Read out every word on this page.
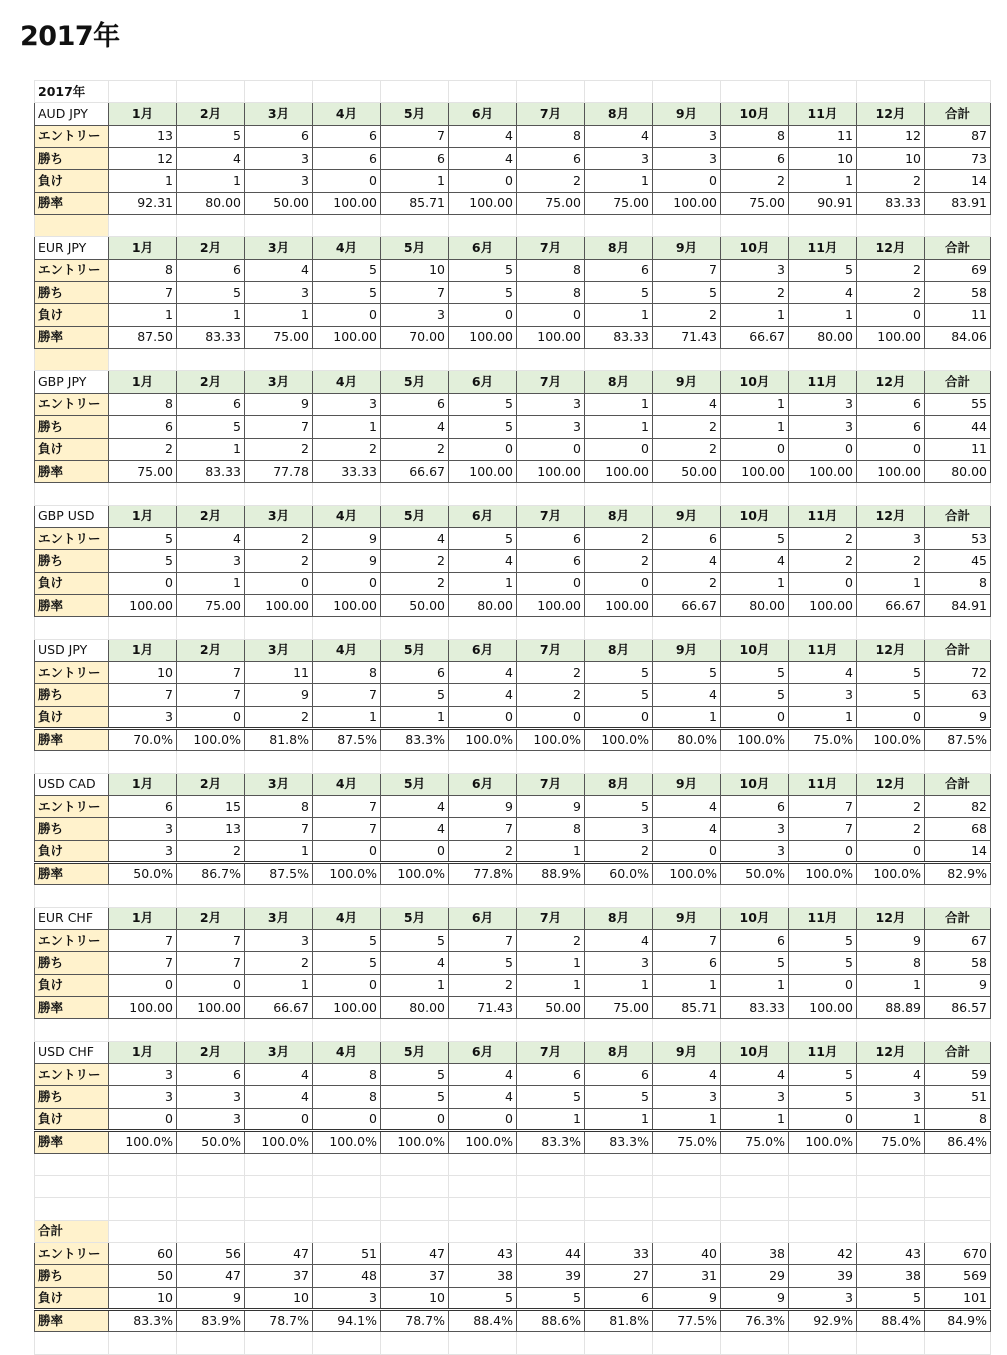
2017年
2017年													
AUD JPY	1月	2月	3月	4月	5月	6月	7月	8月	9月	10月	11月	12月	合計
エントリー	13	5	6	6	7	4	8	4	3	8	11	12	87
勝ち	12	4	3	6	6	4	6	3	3	6	10	10	73
負け	1	1	3	0	1	0	2	1	0	2	1	2	14
勝率	92.31	80.00	50.00	100.00	85.71	100.00	75.00	75.00	100.00	75.00	90.91	83.33	83.91

EUR JPY	1月	2月	3月	4月	5月	6月	7月	8月	9月	10月	11月	12月	合計
エントリー	8	6	4	5	10	5	8	6	7	3	5	2	69
勝ち	7	5	3	5	7	5	8	5	5	2	4	2	58
負け	1	1	1	0	3	0	0	1	2	1	1	0	11
勝率	87.50	83.33	75.00	100.00	70.00	100.00	100.00	83.33	71.43	66.67	80.00	100.00	84.06

GBP JPY	1月	2月	3月	4月	5月	6月	7月	8月	9月	10月	11月	12月	合計
エントリー	8	6	9	3	6	5	3	1	4	1	3	6	55
勝ち	6	5	7	1	4	5	3	1	2	1	3	6	44
負け	2	1	2	2	2	0	0	0	2	0	0	0	11
勝率	75.00	83.33	77.78	33.33	66.67	100.00	100.00	100.00	50.00	100.00	100.00	100.00	80.00

GBP USD	1月	2月	3月	4月	5月	6月	7月	8月	9月	10月	11月	12月	合計
エントリー	5	4	2	9	4	5	6	2	6	5	2	3	53
勝ち	5	3	2	9	2	4	6	2	4	4	2	2	45
負け	0	1	0	0	2	1	0	0	2	1	0	1	8
勝率	100.00	75.00	100.00	100.00	50.00	80.00	100.00	100.00	66.67	80.00	100.00	66.67	84.91

USD JPY	1月	2月	3月	4月	5月	6月	7月	8月	9月	10月	11月	12月	合計
エントリー	10	7	11	8	6	4	2	5	5	5	4	5	72
勝ち	7	7	9	7	5	4	2	5	4	5	3	5	63
負け	3	0	2	1	1	0	0	0	1	0	1	0	9
勝率	70.0%	100.0%	81.8%	87.5%	83.3%	100.0%	100.0%	100.0%	80.0%	100.0%	75.0%	100.0%	87.5%

USD CAD	1月	2月	3月	4月	5月	6月	7月	8月	9月	10月	11月	12月	合計
エントリー	6	15	8	7	4	9	9	5	4	6	7	2	82
勝ち	3	13	7	7	4	7	8	3	4	3	7	2	68
負け	3	2	1	0	0	2	1	2	0	3	0	0	14
勝率	50.0%	86.7%	87.5%	100.0%	100.0%	77.8%	88.9%	60.0%	100.0%	50.0%	100.0%	100.0%	82.9%

EUR CHF	1月	2月	3月	4月	5月	6月	7月	8月	9月	10月	11月	12月	合計
エントリー	7	7	3	5	5	7	2	4	7	6	5	9	67
勝ち	7	7	2	5	4	5	1	3	6	5	5	8	58
負け	0	0	1	0	1	2	1	1	1	1	0	1	9
勝率	100.00	100.00	66.67	100.00	80.00	71.43	50.00	75.00	85.71	83.33	100.00	88.89	86.57

USD CHF	1月	2月	3月	4月	5月	6月	7月	8月	9月	10月	11月	12月	合計
エントリー	3	6	4	8	5	4	6	6	4	4	5	4	59
勝ち	3	3	4	8	5	4	5	5	3	3	5	3	51
負け	0	3	0	0	0	0	1	1	1	1	0	1	8
勝率	100.0%	50.0%	100.0%	100.0%	100.0%	100.0%	83.3%	83.3%	75.0%	75.0%	100.0%	75.0%	86.4%

合計													
エントリー	60	56	47	51	47	43	44	33	40	38	42	43	670
勝ち	50	47	37	48	37	38	39	27	31	29	39	38	569
負け	10	9	10	3	10	5	5	6	9	9	3	5	101
勝率	83.3%	83.9%	78.7%	94.1%	78.7%	88.4%	88.6%	81.8%	77.5%	76.3%	92.9%	88.4%	84.9%
